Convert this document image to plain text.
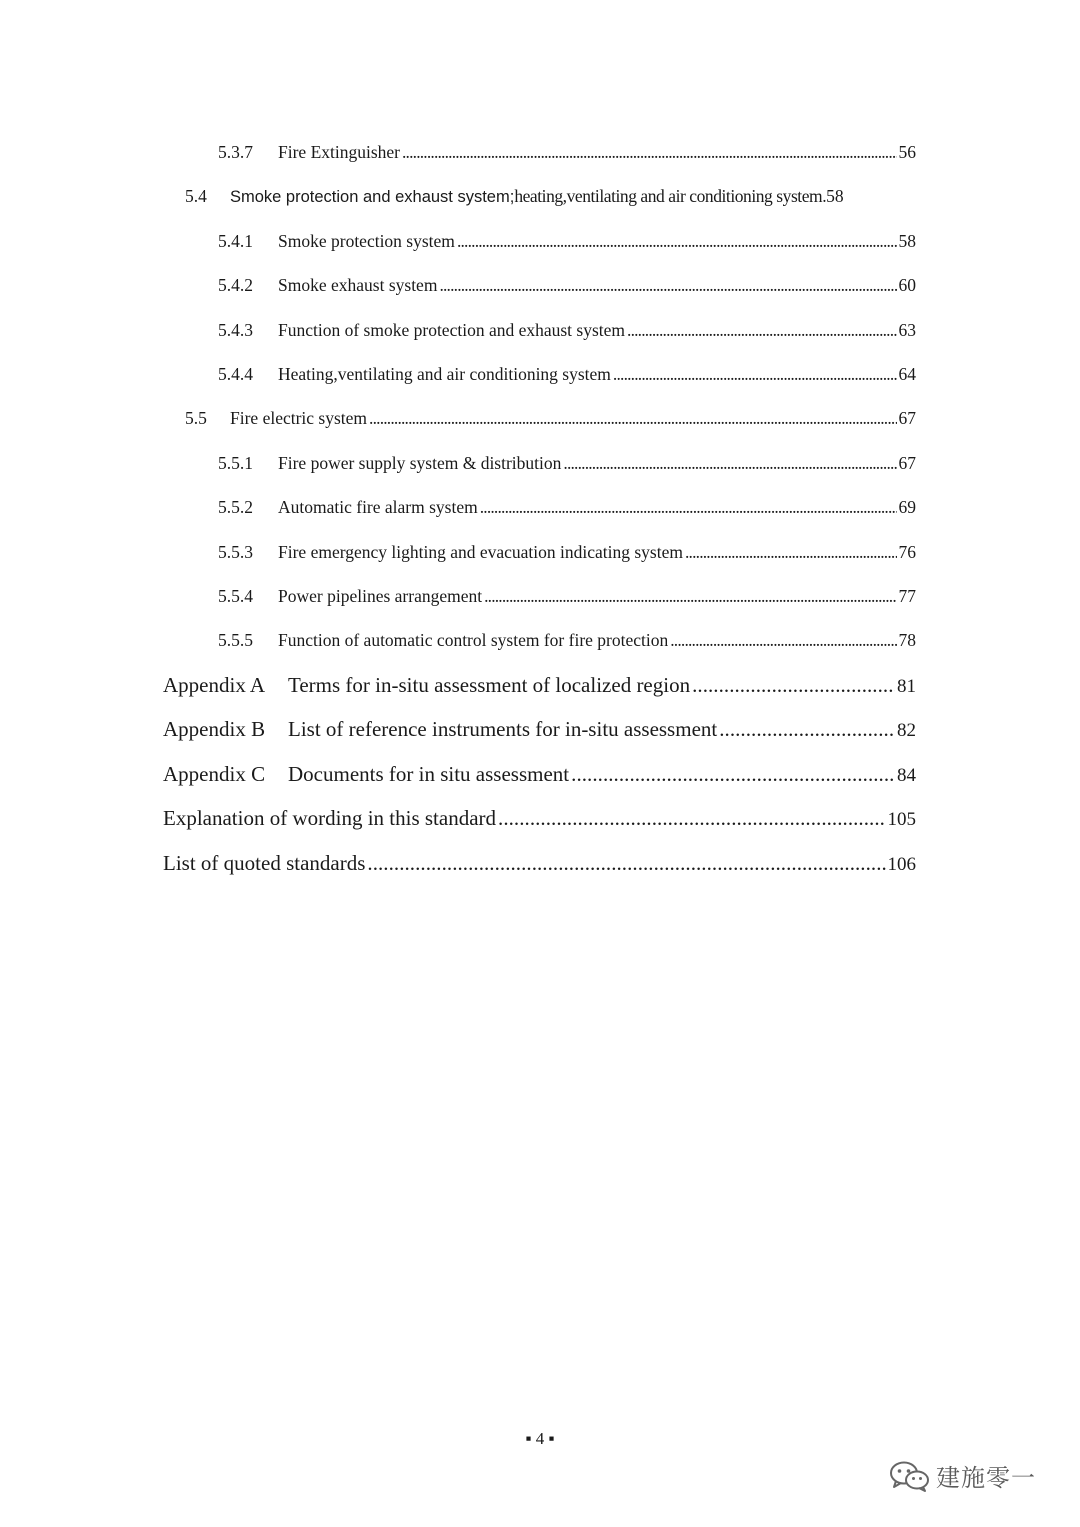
5.3.7	Fire Extinguisher . . .	56
5.4	Smoke protection and exhaust system; heating,ventilating and air conditioning system. 58
5.4.1	Smoke protection system . . .	58
5.4.2	Smoke exhaust system . . .	60
5.4.3	Function of smoke protection and exhaust system . . .	63
5.4.4	Heating,ventilating and air conditioning system . . .	64
5.5	Fire electric system . . .	67
5.5.1	Fire power supply system & distribution . . .	67
5.5.2	Automatic fire alarm system . . .	69
5.5.3	Fire emergency lighting and evacuation indicating system . . .	76
5.5.4	Power pipelines arrangement . . .	77
5.5.5	Function of automatic control system for fire protection . . .	78
Appendix A	Terms for in-situ assessment of localized region . . .	81
Appendix B	List of reference instruments for in-situ assessment . . .	82
Appendix C	Documents for in situ assessment . . .	84
Explanation of wording in this standard . . .	105
List of quoted standards . . .	106
▪ 4 ▪
建施零一
